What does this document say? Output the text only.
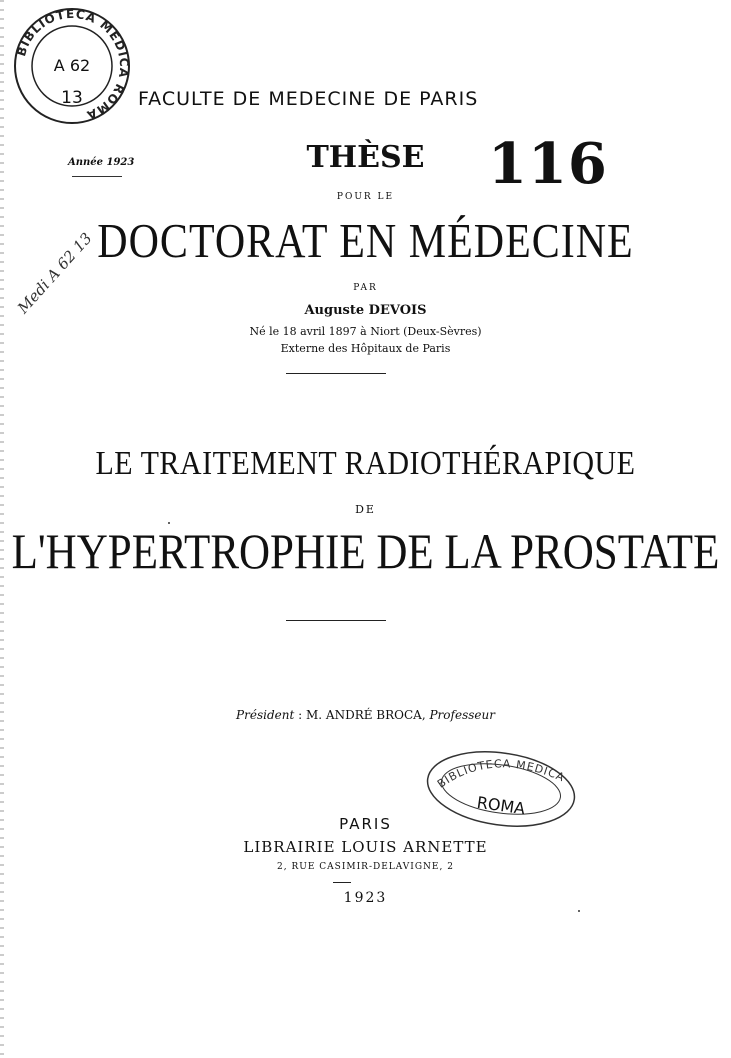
BIBLIOTECA MEDICA ROMA
A 62
13	FACULTE DE MEDECINE DE PARIS
Année 1923	THÈSE	116
POUR LE
DOCTORAT EN MÉDECINE
PAR
Auguste DEVOIS
Né le 18 avril 1897 à Niort (Deux-Sèvres)
Externe des Hôpitaux de Paris
LE TRAITEMENT RADIOTHÉRAPIQUE
DE
L'HYPERTROPHIE DE LA PROSTATE
Président : M. ANDRÉ BROCA, Professeur
BIBLIOTECA MEDICA
ROMA
PARIS
LIBRAIRIE LOUIS ARNETTE
2, RUE CASIMIR-DELAVIGNE, 2
1923
Medi A 62 13
